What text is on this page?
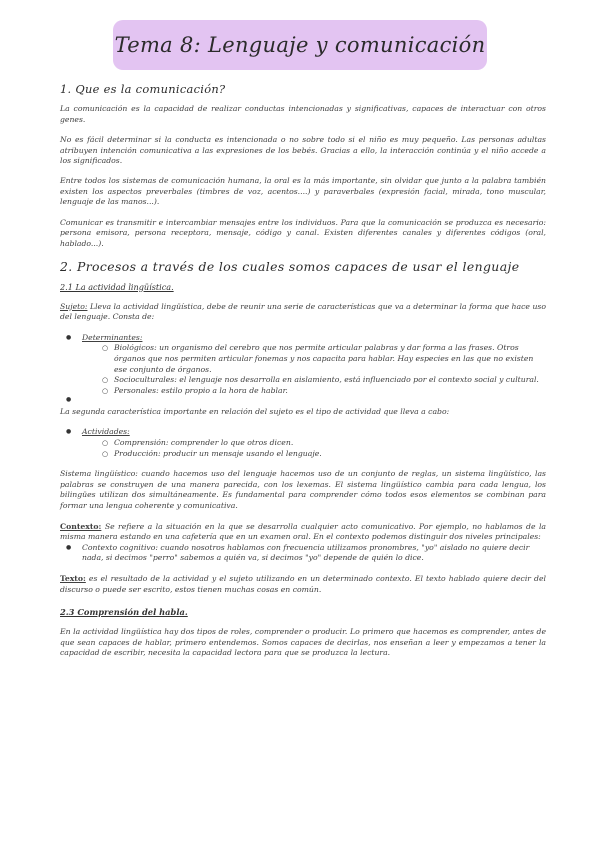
Tema 8: Lenguaje y comunicación
1. Que es la comunicación?

La comunicación es la capacidad de realizar conductas intencionadas y significativas, capaces de interactuar con otros genes.

No es fácil determinar si la conducta es intencionada o no sobre todo si el niño es muy pequeño. Las personas adultas atribuyen intención comunicativa a las expresiones de los bebés. Gracias a ello, la interacción continúa y el niño accede a los significados.

Entre todos los sistemas de comunicación humana, la oral es la más importante, sin olvidar que junto a la palabra también existen los aspectos preverbales (timbres de voz, acentos....) y paraverbales (expresión facial, mirada, tono muscular, lenguaje de las manos...).

Comunicar es transmitir e intercambiar mensajes entre los individuos. Para que la comunicación se produzca es necesario: persona emisora, persona receptora, mensaje, código y canal. Existen diferentes canales y diferentes códigos (oral, hablado...).

2. Procesos a través de los cuales somos capaces de usar el lenguaje
2.1 La actividad lingüística.

Sujeto: Lleva la actividad lingüística, debe de reunir una serie de características que va a determinar la forma que hace uso del lenguaje. Consta de:

● Determinantes:
○ Biológicos: un organismo del cerebro que nos permite articular palabras y dar forma a las frases. Otros órganos que nos permiten articular fonemas y nos capacita para hablar. Hay especies en las que no existen ese conjunto de órganos.
○ Socioculturales: el lenguaje nos desarrolla en aislamiento, está influenciado por el contexto social y cultural.
○ Personales: estilo propio a la hora de hablar.
●

La segunda característica importante en relación del sujeto es el tipo de actividad que lleva a cabo:

● Actividades:
○ Comprensión: comprender lo que otros dicen.
○ Producción: producir un mensaje usando el lenguaje.

Sistema lingüístico: cuando hacemos uso del lenguaje hacemos uso de un conjunto de reglas, un sistema lingüístico, las palabras se construyen de una manera parecida, con los lexemas. El sistema lingüístico cambia para cada lengua, los bilingües utilizan dos simultáneamente. Es fundamental para comprender cómo todos esos elementos se combinan para formar una lengua coherente y comunicativa.

Contexto: Se refiere a la situación en la que se desarrolla cualquier acto comunicativo. Por ejemplo, no hablamos de la misma manera estando en una cafetería que en un examen oral. En el contexto podemos distinguir dos niveles principales:

● Contexto cognitivo: cuando nosotros hablamos con frecuencia utilizamos pronombres, "yo" aislado no quiere decir nada, si decimos "perro" sabemos a quién va, si decimos "yo" depende de quién lo dice.

Texto: es el resultado de la actividad y el sujeto utilizando en un determinado contexto. El texto hablado quiere decir del discurso o puede ser escrito, estos tienen muchas cosas en común.

2.3 Comprensión del habla.

En la actividad lingüística hay dos tipos de roles, comprender o producir. Lo primero que hacemos es comprender, antes de que sean capaces de hablar, primero entendemos. Somos capaces de decirlas, nos enseñan a leer y empezamos a tener la capacidad de escribir, necesita la capacidad lectora para que se produzca la lectura.
